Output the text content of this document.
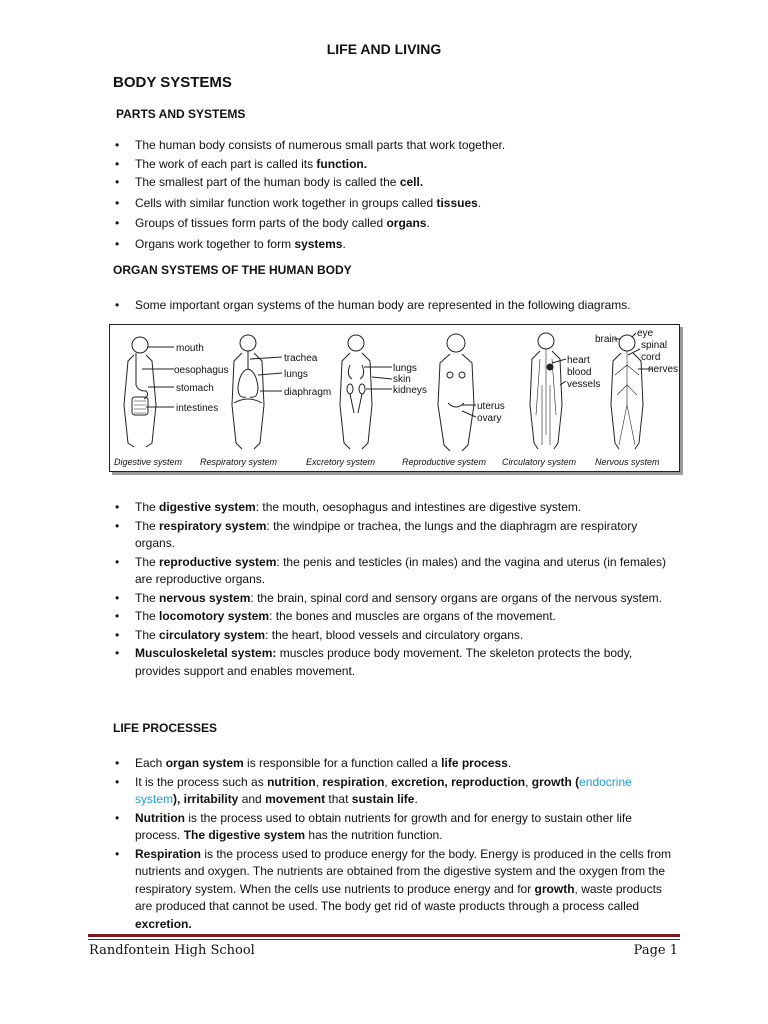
LIFE AND LIVING
BODY SYSTEMS
PARTS AND SYSTEMS
• The human body consists of numerous small parts that work together.
• The work of each part is called its function.
• The smallest part of the human body is called the cell.
• Cells with similar function work together in groups called tissues.
• Groups of tissues form parts of the body called organs.
• Organs work together to form systems.
ORGAN SYSTEMS OF THE HUMAN BODY
• Some important organ systems of the human body are represented in the following diagrams.
mouth
oesophagus
stomach
intestines
trachea
lungs
diaphragm
lungs
skin
kidneys
uterus
ovary
heart
blood
vessels
brain
eye
spinal
cord
nerves
Digestive system Respiratory system	Excretory system	Reproductive system Circulatory system Nervous system
• The digestive system: the mouth, oesophagus and intestines are digestive system.
• The respiratory system: the windpipe or trachea, the lungs and the diaphragm are respiratory organs.
• The reproductive system: the penis and testicles (in males) and the vagina and uterus (in females) are reproductive organs.
• The nervous system: the brain, spinal cord and sensory organs are organs of the nervous system.
• The locomotory system: the bones and muscles are organs of the movement.
• The circulatory system: the heart, blood vessels and circulatory organs.
• Musculoskeletal system: muscles produce body movement. The skeleton protects the body, provides support and enables movement.
LIFE PROCESSES
• Each organ system is responsible for a function called a life process.
• It is the process such as nutrition, respiration, excretion, reproduction, growth (endocrine system), irritability and movement that sustain life.
• Nutrition is the process used to obtain nutrients for growth and for energy to sustain other life process. The digestive system has the nutrition function.
• Respiration is the process used to produce energy for the body. Energy is produced in the cells from nutrients and oxygen. The nutrients are obtained from the digestive system and the oxygen from the respiratory system. When the cells use nutrients to produce energy and for growth, waste products are produced that cannot be used. The body get rid of waste products through a process called excretion.
Randfontein High School	Page 1
